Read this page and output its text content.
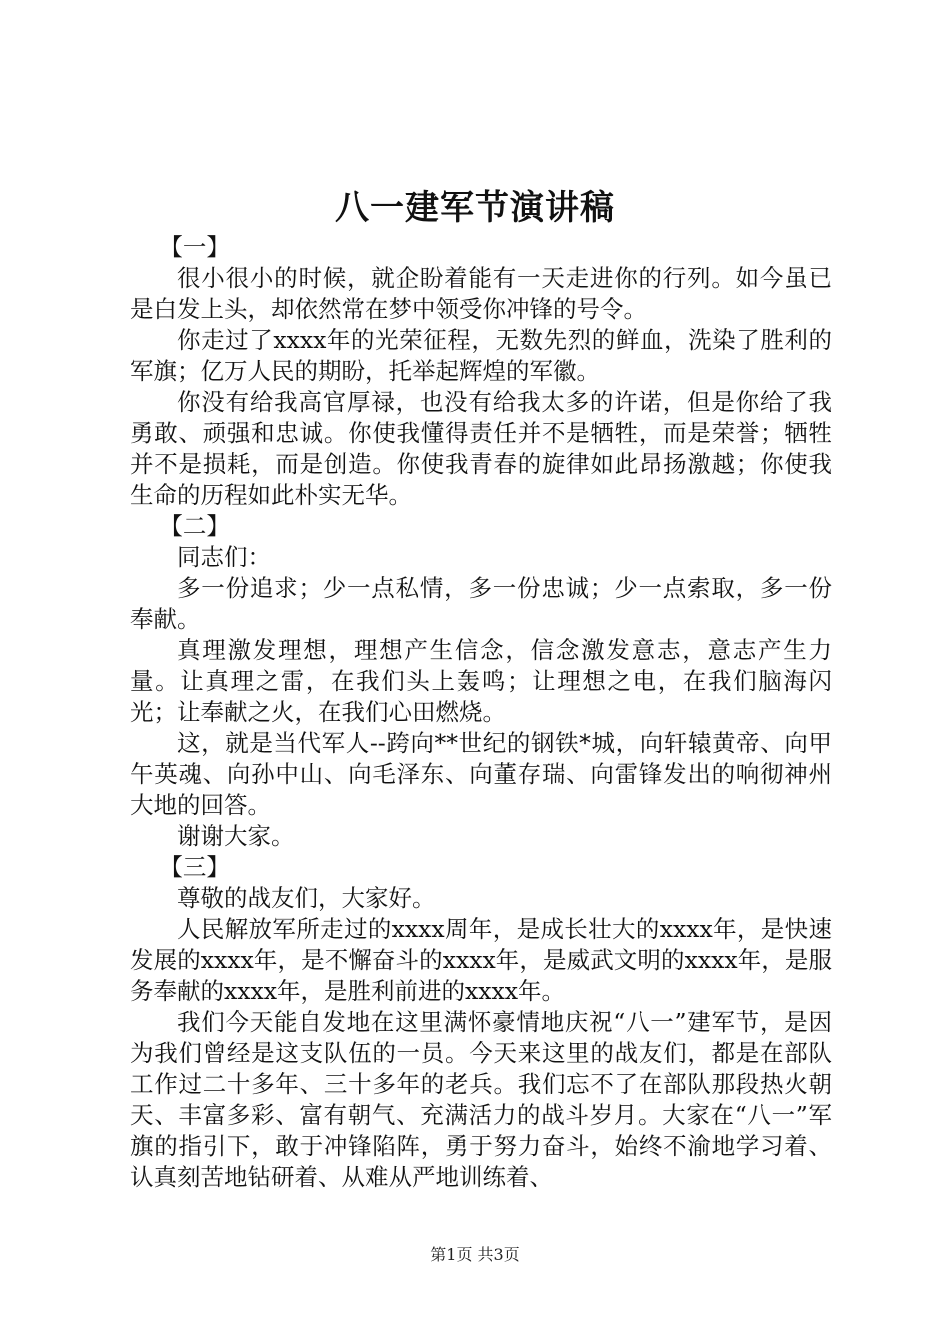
八一建军节演讲稿

【一】

很小很小的时候，就企盼着能有一天走进你的行列。如今虽已是白发上头，却依然常在梦中领受你冲锋的号令。

你走过了xxxx年的光荣征程，无数先烈的鲜血，洗染了胜利的军旗；亿万人民的期盼，托举起辉煌的军徽。

你没有给我高官厚禄，也没有给我太多的许诺，但是你给了我勇敢、顽强和忠诚。你使我懂得责任并不是牺牲，而是荣誉；牺牲并不是损耗，而是创造。你使我青春的旋律如此昂扬激越；你使我生命的历程如此朴实无华。

【二】

同志们：

多一份追求；少一点私情，多一份忠诚；少一点索取，多一份奉献。

真理激发理想，理想产生信念，信念激发意志，意志产生力量。让真理之雷，在我们头上轰鸣；让理想之电，在我们脑海闪光；让奉献之火，在我们心田燃烧。

这，就是当代军人--跨向**世纪的钢铁*城，向轩辕黄帝、向甲午英魂、向孙中山、向毛泽东、向董存瑞、向雷锋发出的响彻神州大地的回答。

谢谢大家。

【三】

尊敬的战友们，大家好。

人民解放军所走过的xxxx周年，是成长壮大的xxxx年，是快速发展的xxxx年，是不懈奋斗的xxxx年，是威武文明的xxxx年，是服务奉献的xxxx年，是胜利前进的xxxx年。

我们今天能自发地在这里满怀豪情地庆祝“八一”建军节，是因为我们曾经是这支队伍的一员。今天来这里的战友们，都是在部队工作过二十多年、三十多年的老兵。我们忘不了在部队那段热火朝天、丰富多彩、富有朝气、充满活力的战斗岁月。大家在“八一”军旗的指引下，敢于冲锋陷阵，勇于努力奋斗，始终不渝地学习着、认真刻苦地钻研着、从难从严地训练着、

第1页 共3页
